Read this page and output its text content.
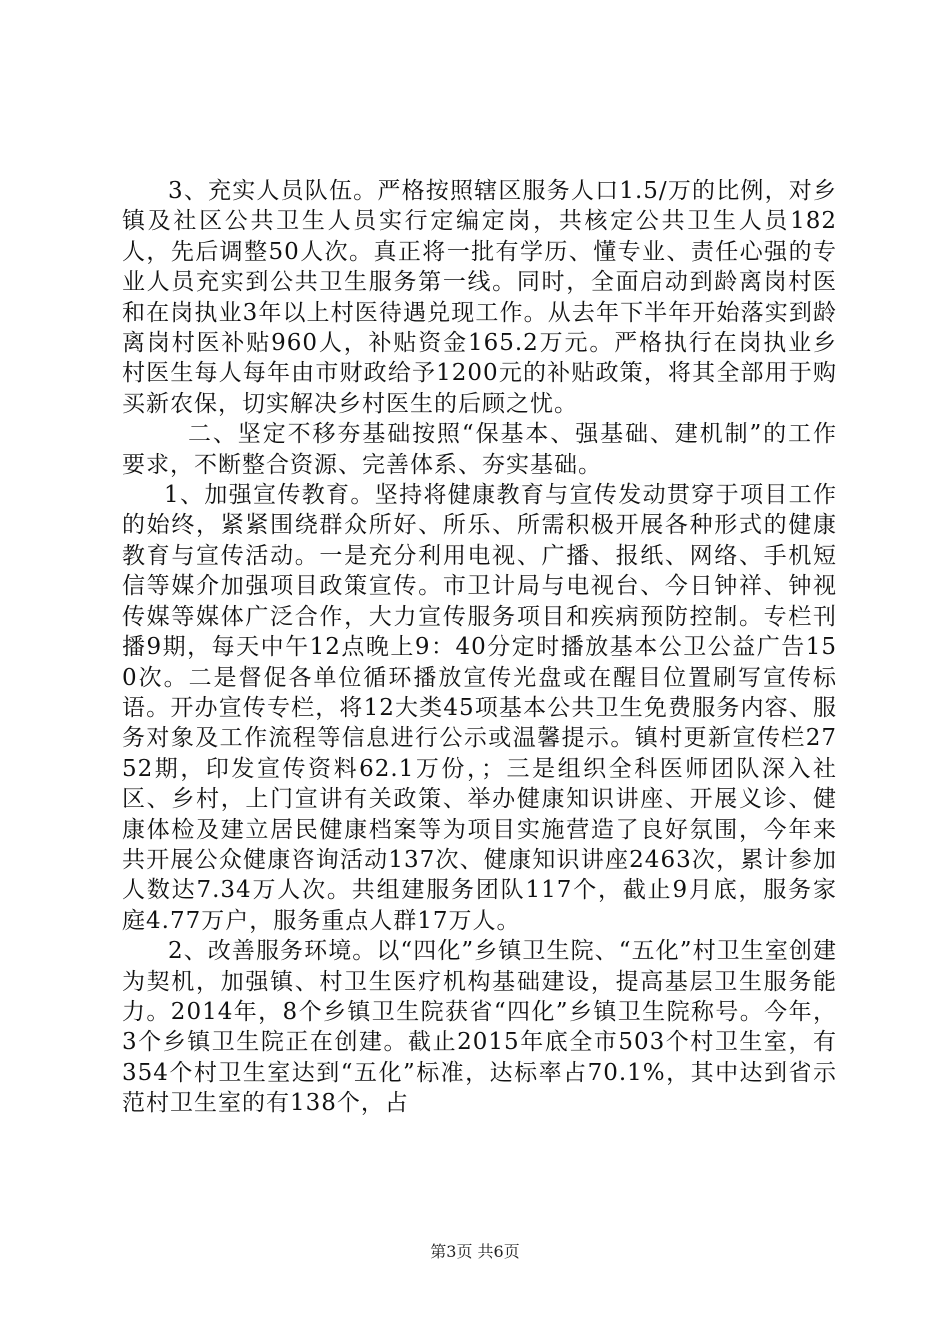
3、充实人员队伍。严格按照辖区服务人口1.5/万的比例，对乡镇及社区公共卫生人员实行定编定岗，共核定公共卫生人员182人，先后调整50人次。真正将一批有学历、懂专业、责任心强的专业人员充实到公共卫生服务第一线。同时，全面启动到龄离岗村医和在岗执业3年以上村医待遇兑现工作。从去年下半年开始落实到龄离岗村医补贴960人，补贴资金165.2万元。严格执行在岗执业乡村医生每人每年由市财政给予1200元的补贴政策，将其全部用于购买新农保，切实解决乡村医生的后顾之忧。

二、坚定不移夯基础按照“保基本、强基础、建机制”的工作要求，不断整合资源、完善体系、夯实基础。

1、加强宣传教育。坚持将健康教育与宣传发动贯穿于项目工作的始终，紧紧围绕群众所好、所乐、所需积极开展各种形式的健康教育与宣传活动。一是充分利用电视、广播、报纸、网络、手机短信等媒介加强项目政策宣传。市卫计局与电视台、今日钟祥、钟视传媒等媒体广泛合作，大力宣传服务项目和疾病预防控制。专栏刊播9期，每天中午12点晚上9：40分定时播放基本公卫公益广告150次。二是督促各单位循环播放宣传光盘或在醒目位置刷写宣传标语。开办宣传专栏，将12大类45项基本公共卫生免费服务内容、服务对象及工作流程等信息进行公示或温馨提示。镇村更新宣传栏2752期，印发宣传资料62.1万份，；三是组织全科医师团队深入社区、乡村，上门宣讲有关政策、举办健康知识讲座、开展义诊、健康体检及建立居民健康档案等为项目实施营造了良好氛围，今年来共开展公众健康咨询活动137次、健康知识讲座2463次，累计参加人数达7.34万人次。共组建服务团队117个，截止9月底，服务家庭4.77万户，服务重点人群17万人。

2、改善服务环境。以“四化”乡镇卫生院、“五化”村卫生室创建为契机，加强镇、村卫生医疗机构基础建设，提高基层卫生服务能力。2014年，8个乡镇卫生院获省“四化”乡镇卫生院称号。今年，3个乡镇卫生院正在创建。截止2015年底全市503个村卫生室，有354个村卫生室达到“五化”标准，达标率占70.1%，其中达到省示范村卫生室的有138个，占

第3页 共6页
